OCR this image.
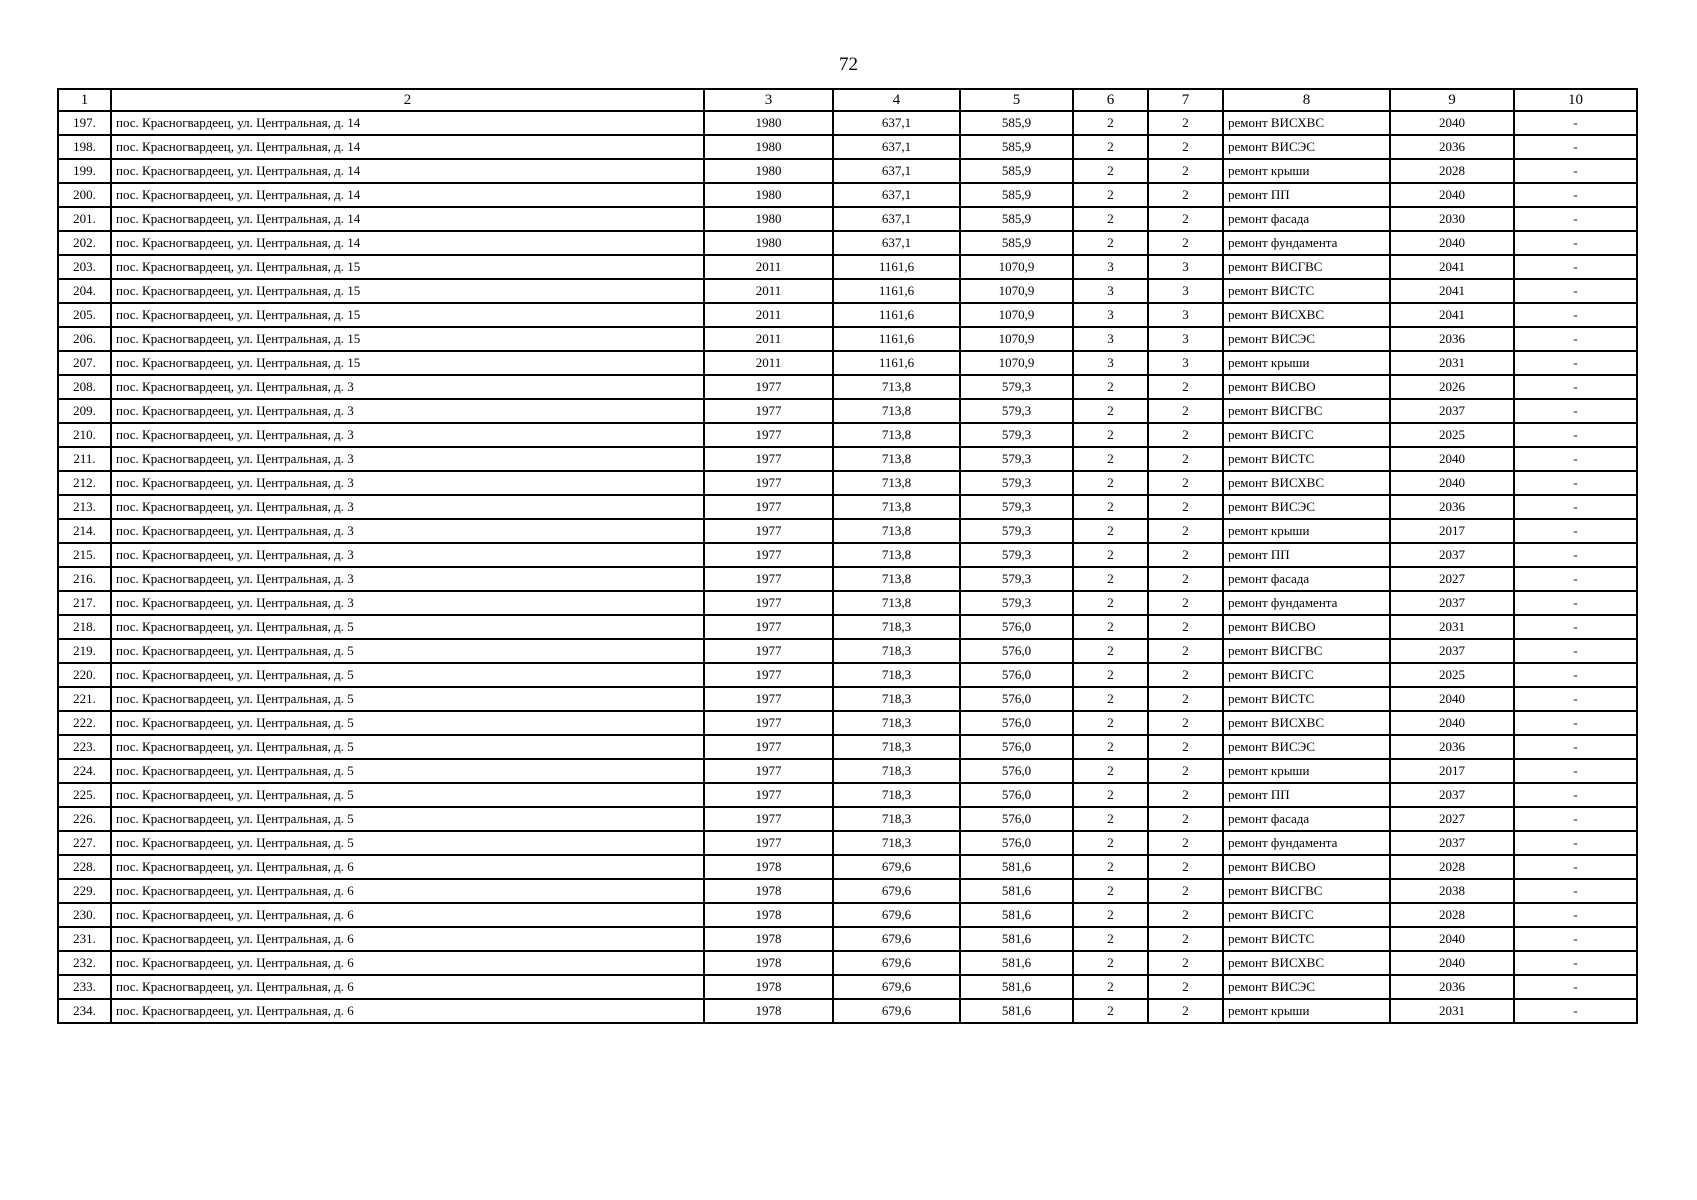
72
1	2	3	4	5	6	7	8	9	10
197.	пос. Красногвардеец, ул. Центральная, д. 14	1980	637,1	585,9	2	2	ремонт ВИСХВС	2040	-
198.	пос. Красногвардеец, ул. Центральная, д. 14	1980	637,1	585,9	2	2	ремонт ВИСЭС	2036	-
199.	пос. Красногвардеец, ул. Центральная, д. 14	1980	637,1	585,9	2	2	ремонт крыши	2028	-
200.	пос. Красногвардеец, ул. Центральная, д. 14	1980	637,1	585,9	2	2	ремонт ПП	2040	-
201.	пос. Красногвардеец, ул. Центральная, д. 14	1980	637,1	585,9	2	2	ремонт фасада	2030	-
202.	пос. Красногвардеец, ул. Центральная, д. 14	1980	637,1	585,9	2	2	ремонт фундамента	2040	-
203.	пос. Красногвардеец, ул. Центральная, д. 15	2011	1161,6	1070,9	3	3	ремонт ВИСГВС	2041	-
204.	пос. Красногвардеец, ул. Центральная, д. 15	2011	1161,6	1070,9	3	3	ремонт ВИСТС	2041	-
205.	пос. Красногвардеец, ул. Центральная, д. 15	2011	1161,6	1070,9	3	3	ремонт ВИСХВС	2041	-
206.	пос. Красногвардеец, ул. Центральная, д. 15	2011	1161,6	1070,9	3	3	ремонт ВИСЭС	2036	-
207.	пос. Красногвардеец, ул. Центральная, д. 15	2011	1161,6	1070,9	3	3	ремонт крыши	2031	-
208.	пос. Красногвардеец, ул. Центральная, д. 3	1977	713,8	579,3	2	2	ремонт ВИСВО	2026	-
209.	пос. Красногвардеец, ул. Центральная, д. 3	1977	713,8	579,3	2	2	ремонт ВИСГВС	2037	-
210.	пос. Красногвардеец, ул. Центральная, д. 3	1977	713,8	579,3	2	2	ремонт ВИСГС	2025	-
211.	пос. Красногвардеец, ул. Центральная, д. 3	1977	713,8	579,3	2	2	ремонт ВИСТС	2040	-
212.	пос. Красногвардеец, ул. Центральная, д. 3	1977	713,8	579,3	2	2	ремонт ВИСХВС	2040	-
213.	пос. Красногвардеец, ул. Центральная, д. 3	1977	713,8	579,3	2	2	ремонт ВИСЭС	2036	-
214.	пос. Красногвардеец, ул. Центральная, д. 3	1977	713,8	579,3	2	2	ремонт крыши	2017	-
215.	пос. Красногвардеец, ул. Центральная, д. 3	1977	713,8	579,3	2	2	ремонт ПП	2037	-
216.	пос. Красногвардеец, ул. Центральная, д. 3	1977	713,8	579,3	2	2	ремонт фасада	2027	-
217.	пос. Красногвардеец, ул. Центральная, д. 3	1977	713,8	579,3	2	2	ремонт фундамента	2037	-
218.	пос. Красногвардеец, ул. Центральная, д. 5	1977	718,3	576,0	2	2	ремонт ВИСВО	2031	-
219.	пос. Красногвардеец, ул. Центральная, д. 5	1977	718,3	576,0	2	2	ремонт ВИСГВС	2037	-
220.	пос. Красногвардеец, ул. Центральная, д. 5	1977	718,3	576,0	2	2	ремонт ВИСГС	2025	-
221.	пос. Красногвардеец, ул. Центральная, д. 5	1977	718,3	576,0	2	2	ремонт ВИСТС	2040	-
222.	пос. Красногвардеец, ул. Центральная, д. 5	1977	718,3	576,0	2	2	ремонт ВИСХВС	2040	-
223.	пос. Красногвардеец, ул. Центральная, д. 5	1977	718,3	576,0	2	2	ремонт ВИСЭС	2036	-
224.	пос. Красногвардеец, ул. Центральная, д. 5	1977	718,3	576,0	2	2	ремонт крыши	2017	-
225.	пос. Красногвардеец, ул. Центральная, д. 5	1977	718,3	576,0	2	2	ремонт ПП	2037	-
226.	пос. Красногвардеец, ул. Центральная, д. 5	1977	718,3	576,0	2	2	ремонт фасада	2027	-
227.	пос. Красногвардеец, ул. Центральная, д. 5	1977	718,3	576,0	2	2	ремонт фундамента	2037	-
228.	пос. Красногвардеец, ул. Центральная, д. 6	1978	679,6	581,6	2	2	ремонт ВИСВО	2028	-
229.	пос. Красногвардеец, ул. Центральная, д. 6	1978	679,6	581,6	2	2	ремонт ВИСГВС	2038	-
230.	пос. Красногвардеец, ул. Центральная, д. 6	1978	679,6	581,6	2	2	ремонт ВИСГС	2028	-
231.	пос. Красногвардеец, ул. Центральная, д. 6	1978	679,6	581,6	2	2	ремонт ВИСТС	2040	-
232.	пос. Красногвардеец, ул. Центральная, д. 6	1978	679,6	581,6	2	2	ремонт ВИСХВС	2040	-
233.	пос. Красногвардеец, ул. Центральная, д. 6	1978	679,6	581,6	2	2	ремонт ВИСЭС	2036	-
234.	пос. Красногвардеец, ул. Центральная, д. 6	1978	679,6	581,6	2	2	ремонт крыши	2031	-
